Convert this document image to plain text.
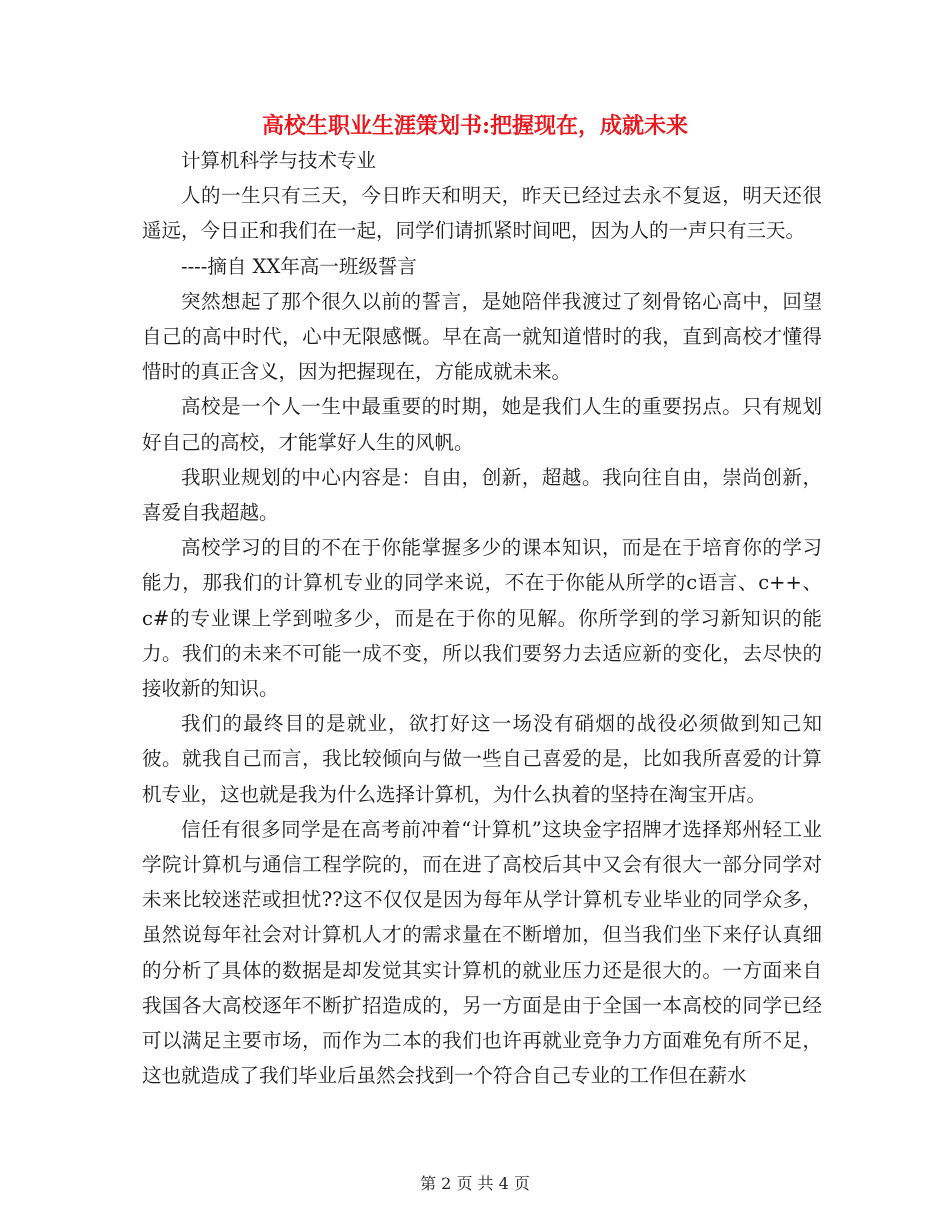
高校生职业生涯策划书:把握现在，成就未来

计算机科学与技术专业

人的一生只有三天，今日昨天和明天，昨天已经过去永不复返，明天还很遥远，今日正和我们在一起，同学们请抓紧时间吧，因为人的一声只有三天。

----摘自 XX年高一班级誓言

突然想起了那个很久以前的誓言，是她陪伴我渡过了刻骨铭心高中，回望自己的高中时代，心中无限感慨。早在高一就知道惜时的我，直到高校才懂得惜时的真正含义，因为把握现在，方能成就未来。

高校是一个人一生中最重要的时期，她是我们人生的重要拐点。只有规划好自己的高校，才能掌好人生的风帆。

我职业规划的中心内容是：自由，创新，超越。我向往自由，崇尚创新，喜爱自我超越。

高校学习的目的不在于你能掌握多少的课本知识，而是在于培育你的学习能力，那我们的计算机专业的同学来说，不在于你能从所学的c语言、c++、c#的专业课上学到啦多少，而是在于你的见解。你所学到的学习新知识的能力。我们的未来不可能一成不变，所以我们要努力去适应新的变化，去尽快的接收新的知识。

我们的最终目的是就业，欲打好这一场没有硝烟的战役必须做到知己知彼。就我自己而言，我比较倾向与做一些自己喜爱的是，比如我所喜爱的计算机专业，这也就是我为什么选择计算机，为什么执着的坚持在淘宝开店。

信任有很多同学是在高考前冲着“计算机”这块金字招牌才选择郑州轻工业学院计算机与通信工程学院的，而在进了高校后其中又会有很大一部分同学对未来比较迷茫或担忧??这不仅仅是因为每年从学计算机专业毕业的同学众多，虽然说每年社会对计算机人才的需求量在不断增加，但当我们坐下来仔认真细的分析了具体的数据是却发觉其实计算机的就业压力还是很大的。一方面来自我国各大高校逐年不断扩招造成的，另一方面是由于全国一本高校的同学已经可以满足主要市场，而作为二本的我们也许再就业竞争力方面难免有所不足，这也就造成了我们毕业后虽然会找到一个符合自己专业的工作但在薪水

第 2 页 共 4 页
